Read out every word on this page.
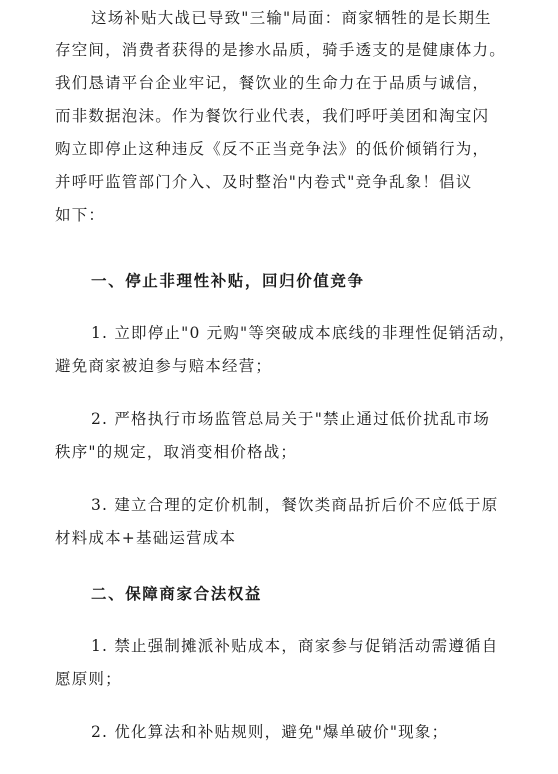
这场补贴大战已导致"三输"局面：商家牺牲的是长期生
存空间，消费者获得的是掺水品质，骑手透支的是健康体力。
我们恳请平台企业牢记，餐饮业的生命力在于品质与诚信，
而非数据泡沫。作为餐饮行业代表，我们呼吁美团和淘宝闪
购立即停止这种违反《反不正当竞争法》的低价倾销行为，
并呼吁监管部门介入、及时整治"内卷式"竞争乱象！倡议
如下：
一、停止非理性补贴，回归价值竞争
1. 立即停止"0 元购"等突破成本底线的非理性促销活动，
避免商家被迫参与赔本经营；
2. 严格执行市场监管总局关于"禁止通过低价扰乱市场
秩序"的规定，取消变相价格战；
3. 建立合理的定价机制，餐饮类商品折后价不应低于原
材料成本+基础运营成本
二、保障商家合法权益
1. 禁止强制摊派补贴成本，商家参与促销活动需遵循自
愿原则；
2. 优化算法和补贴规则，避免"爆单破价"现象；
